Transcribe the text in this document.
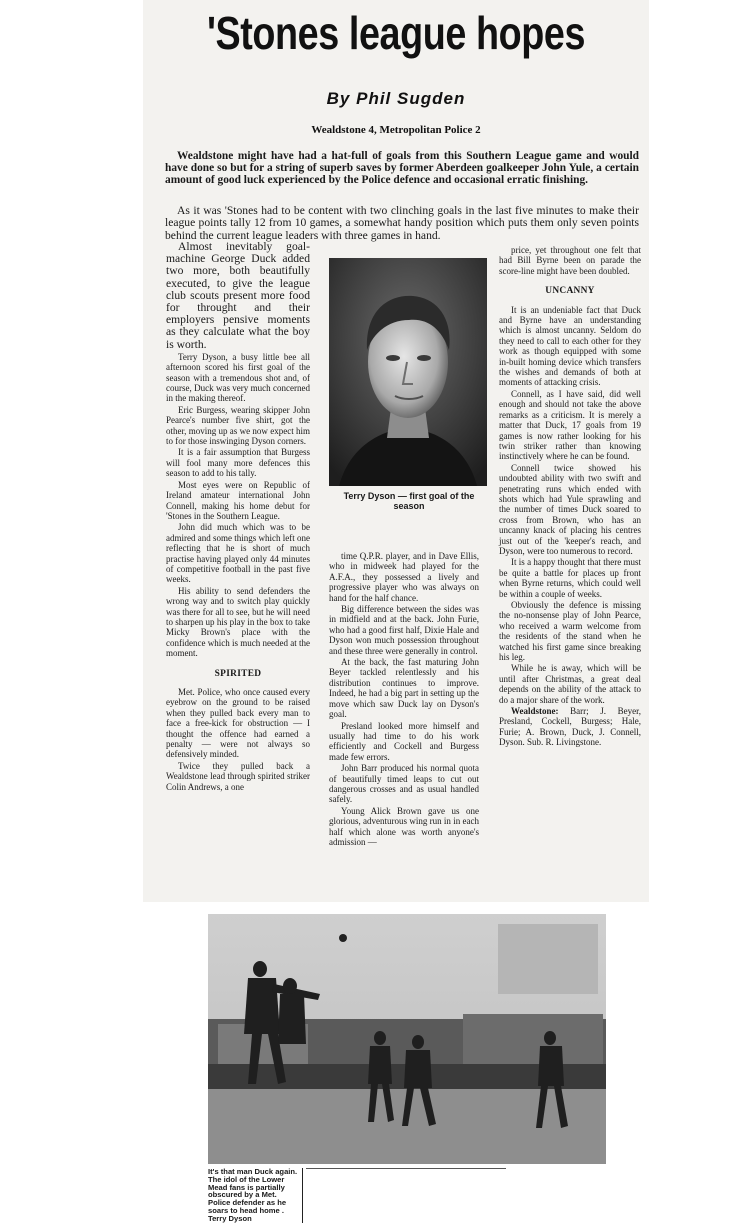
'Stones league hopes
By Phil Sugden
Wealdstone 4, Metropolitan Police 2

Wealdstone might have had a hat-full of goals from this Southern League game and would have done so but for a string of superb saves by former Aberdeen goalkeeper John Yule, a certain amount of good luck experienced by the Police defence and occasional erratic finishing.

As it was 'Stones had to be content with two clinching goals in the last five minutes to make their league points tally 12 from 10 games, a somewhat handy position which puts them only seven points behind the current league leaders with three games in hand.

Almost inevitably goal-machine George Duck added two more, both beautifully executed, to give the league club scouts present more food for throught and their employers pensive moments as they calculate what the boy is worth.

Terry Dyson, a busy little bee all afternoon scored his first goal of the season with a tremendous shot and, of course, Duck was very much concerned in the making thereof.

Eric Burgess, wearing skipper John Pearce's number five shirt, got the other, moving up as we now expect him to for those inswinging Dyson corners.

It is a fair assumption that Burgess will fool many more defences this season to add to his tally.

Most eyes were on Republic of Ireland amateur international John Connell, making his home debut for 'Stones in the Southern League.

John did much which was to be admired and some things which left one reflecting that he is short of much practise having played only 44 minutes of competitive football in the past five weeks.

His ability to send defenders the wrong way and to switch play quickly was there for all to see, but he will need to sharpen up his play in the box to take Micky Brown's place with the confidence which is much needed at the moment.

SPIRITED

Met. Police, who once caused every eyebrow on the ground to be raised when they pulled back every man to face a free-kick for obstruction — I thought the offence had earned a penalty — were not always so defensively minded.

Twice they pulled back a Wealdstone lead through spirited striker Colin Andrews, a one

Terry Dyson — first goal of the season

time Q.P.R. player, and in Dave Ellis, who in midweek had played for the A.F.A., they possessed a lively and progressive player who was always on hand for the half chance.

Big difference between the sides was in midfield and at the back. John Furie, who had a good first half, Dixie Hale and Dyson won much possession throughout and these three were generally in control.

At the back, the fast maturing John Beyer tackled relentlessly and his distribution continues to improve. Indeed, he had a big part in setting up the move which saw Duck lay on Dyson's goal.

Presland looked more himself and usually had time to do his work efficiently and Cockell and Burgess made few errors.

John Barr produced his normal quota of beautifully timed leaps to cut out dangerous crosses and as usual handled safely.

Young Alick Brown gave us one glorious, adventurous wing run in in each half which alone was worth anyone's admission —

price, yet throughout one felt that had Bill Byrne been on parade the score-line might have been doubled.

UNCANNY

It is an undeniable fact that Duck and Byrne have an understanding which is almost uncanny. Seldom do they need to call to each other for they work as though equipped with some in-built homing device which transfers the wishes and demands of both at moments of attacking crisis.

Connell, as I have said, did well enough and should not take the above remarks as a criticism. It is merely a matter that Duck, 17 goals from 19 games is now rather looking for his twin striker rather than knowing instinctively where he can be found.

Connell twice showed his undoubted ability with two swift and penetrating runs which ended with shots which had Yule sprawling and the number of times Duck soared to cross from Brown, who has an uncanny knack of placing his centres just out of the 'keeper's reach, and Dyson, were too numerous to record.

It is a happy thought that there must be quite a battle for places up front when Byrne returns, which could well be within a couple of weeks.

Obviously the defence is missing the no-nonsense play of John Pearce, who received a warm welcome from the residents of the stand when he watched his first game since breaking his leg.

While he is away, which will be until after Christmas, a great deal depends on the ability of the attack to do a major share of the work.

Wealdstone: Barr; J. Beyer, Presland, Cockell, Burgess; Hale, Furie; A. Brown, Duck, J. Connell, Dyson. Sub. R. Livingstone.

It's that man Duck again. The idol of the Lower Mead fans is partially obscured by a Met. Police defender as he soars to head home . Terry Dyson
